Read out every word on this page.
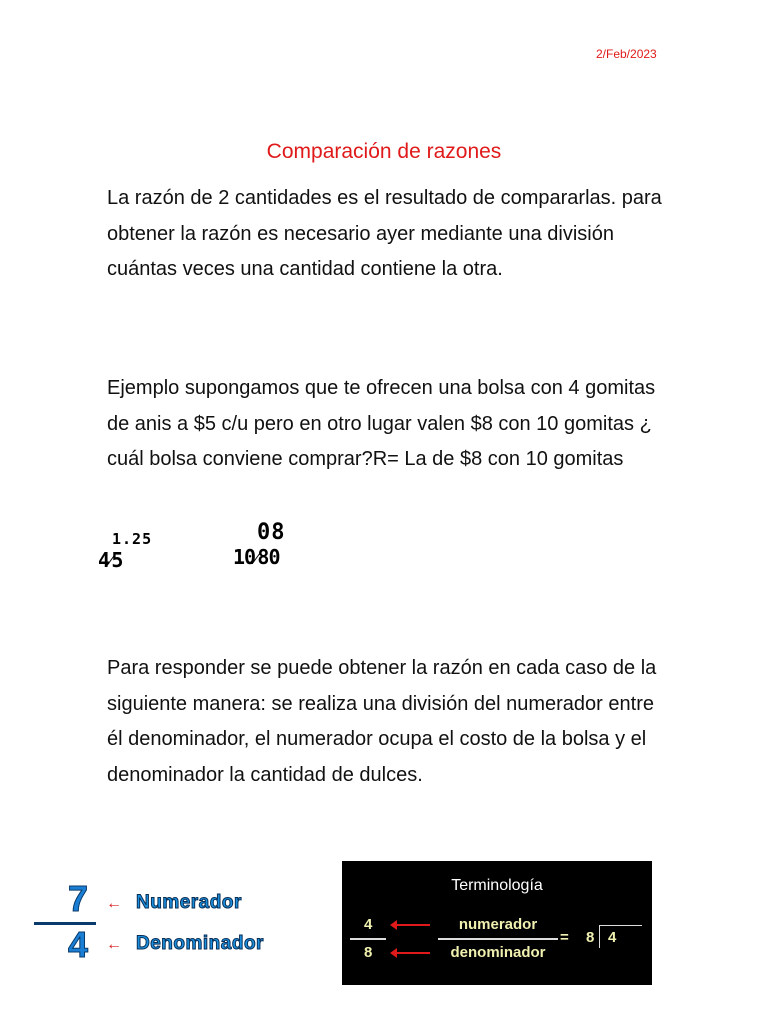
2/Feb/2023
Comparación de razones
La razón de 2 cantidades es el resultado de compararlas. para obtener la razón es necesario ayer mediante una división cuántas veces una cantidad contiene la otra.
Ejemplo supongamos que te ofrecen una bolsa con 4 gomitas de anis a $5 c/u pero en otro lugar valen $8 con 10 gomitas ¿ cuál bolsa conviene comprar?R= La de $8 con 10 gomitas
1.25
4⁄5
08
10⁄80
Para responder se puede obtener la razón en cada caso de la siguiente manera: se realiza una división del numerador entre él denominador, el numerador ocupa el costo de la bolsa y el denominador la cantidad de dulces.
7
4
← Numerador
← Denominador
Terminología
4
8
numerador
denominador
= 8 4
